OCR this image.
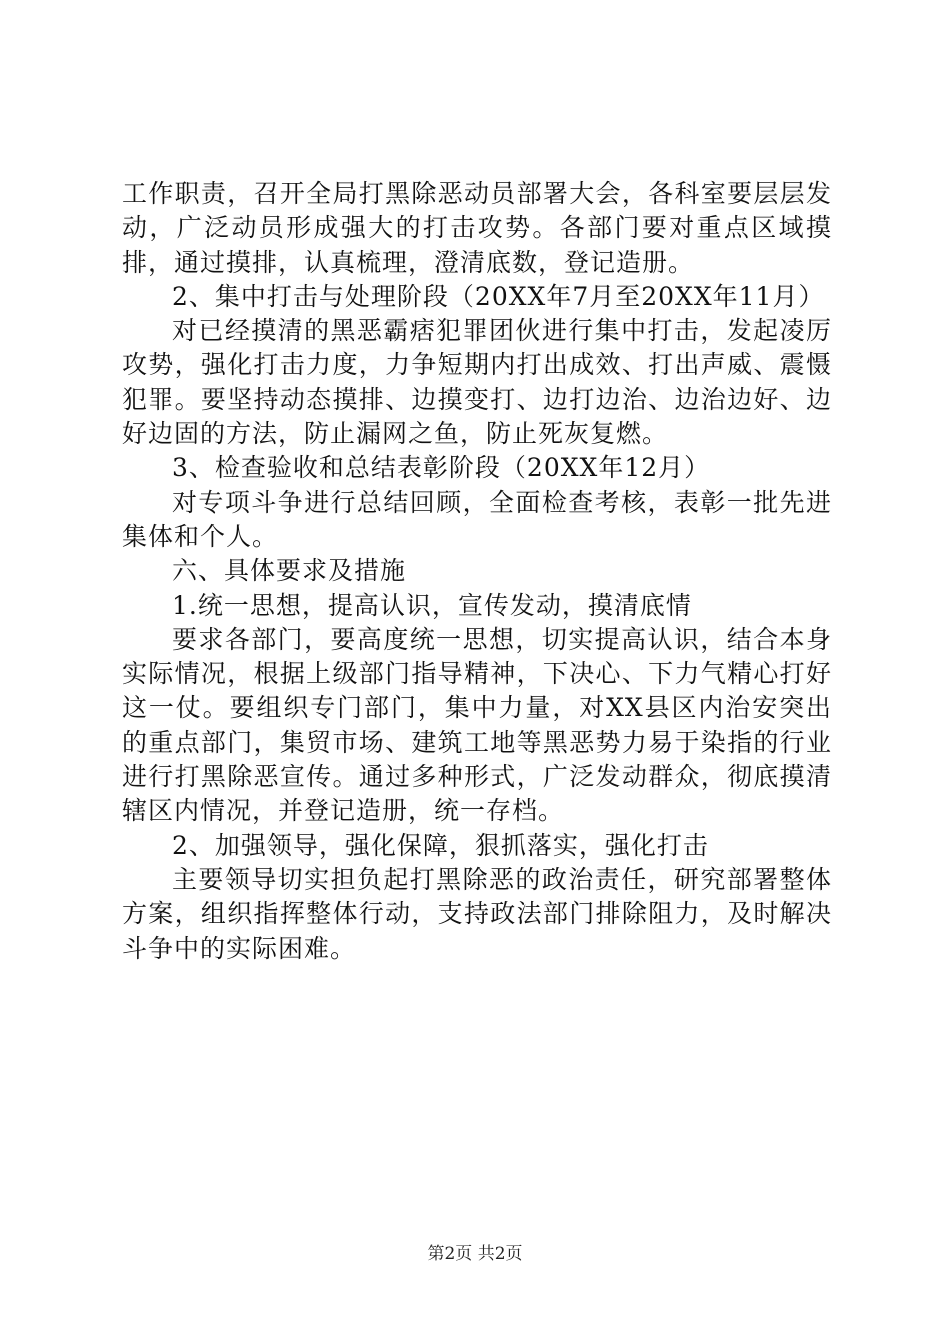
工作职责，召开全局打黑除恶动员部署大会，各科室要层层发动，广泛动员形成强大的打击攻势。各部门要对重点区域摸排，通过摸排，认真梳理，澄清底数，登记造册。

2、集中打击与处理阶段（20XX年7月至20XX年11月）

对已经摸清的黑恶霸痞犯罪团伙进行集中打击，发起凌厉攻势，强化打击力度，力争短期内打出成效、打出声威、震慑犯罪。要坚持动态摸排、边摸变打、边打边治、边治边好、边好边固的方法，防止漏网之鱼，防止死灰复燃。

3、检查验收和总结表彰阶段（20XX年12月）

对专项斗争进行总结回顾，全面检查考核，表彰一批先进集体和个人。

六、具体要求及措施

1.统一思想，提高认识，宣传发动，摸清底情

要求各部门，要高度统一思想，切实提高认识，结合本身实际情况，根据上级部门指导精神，下决心、下力气精心打好这一仗。要组织专门部门，集中力量，对XX县区内治安突出的重点部门，集贸市场、建筑工地等黑恶势力易于染指的行业进行打黑除恶宣传。通过多种形式，广泛发动群众，彻底摸清辖区内情况，并登记造册，统一存档。

2、加强领导，强化保障，狠抓落实，强化打击

主要领导切实担负起打黑除恶的政治责任，研究部署整体方案，组织指挥整体行动，支持政法部门排除阻力，及时解决斗争中的实际困难。

第2页 共2页
